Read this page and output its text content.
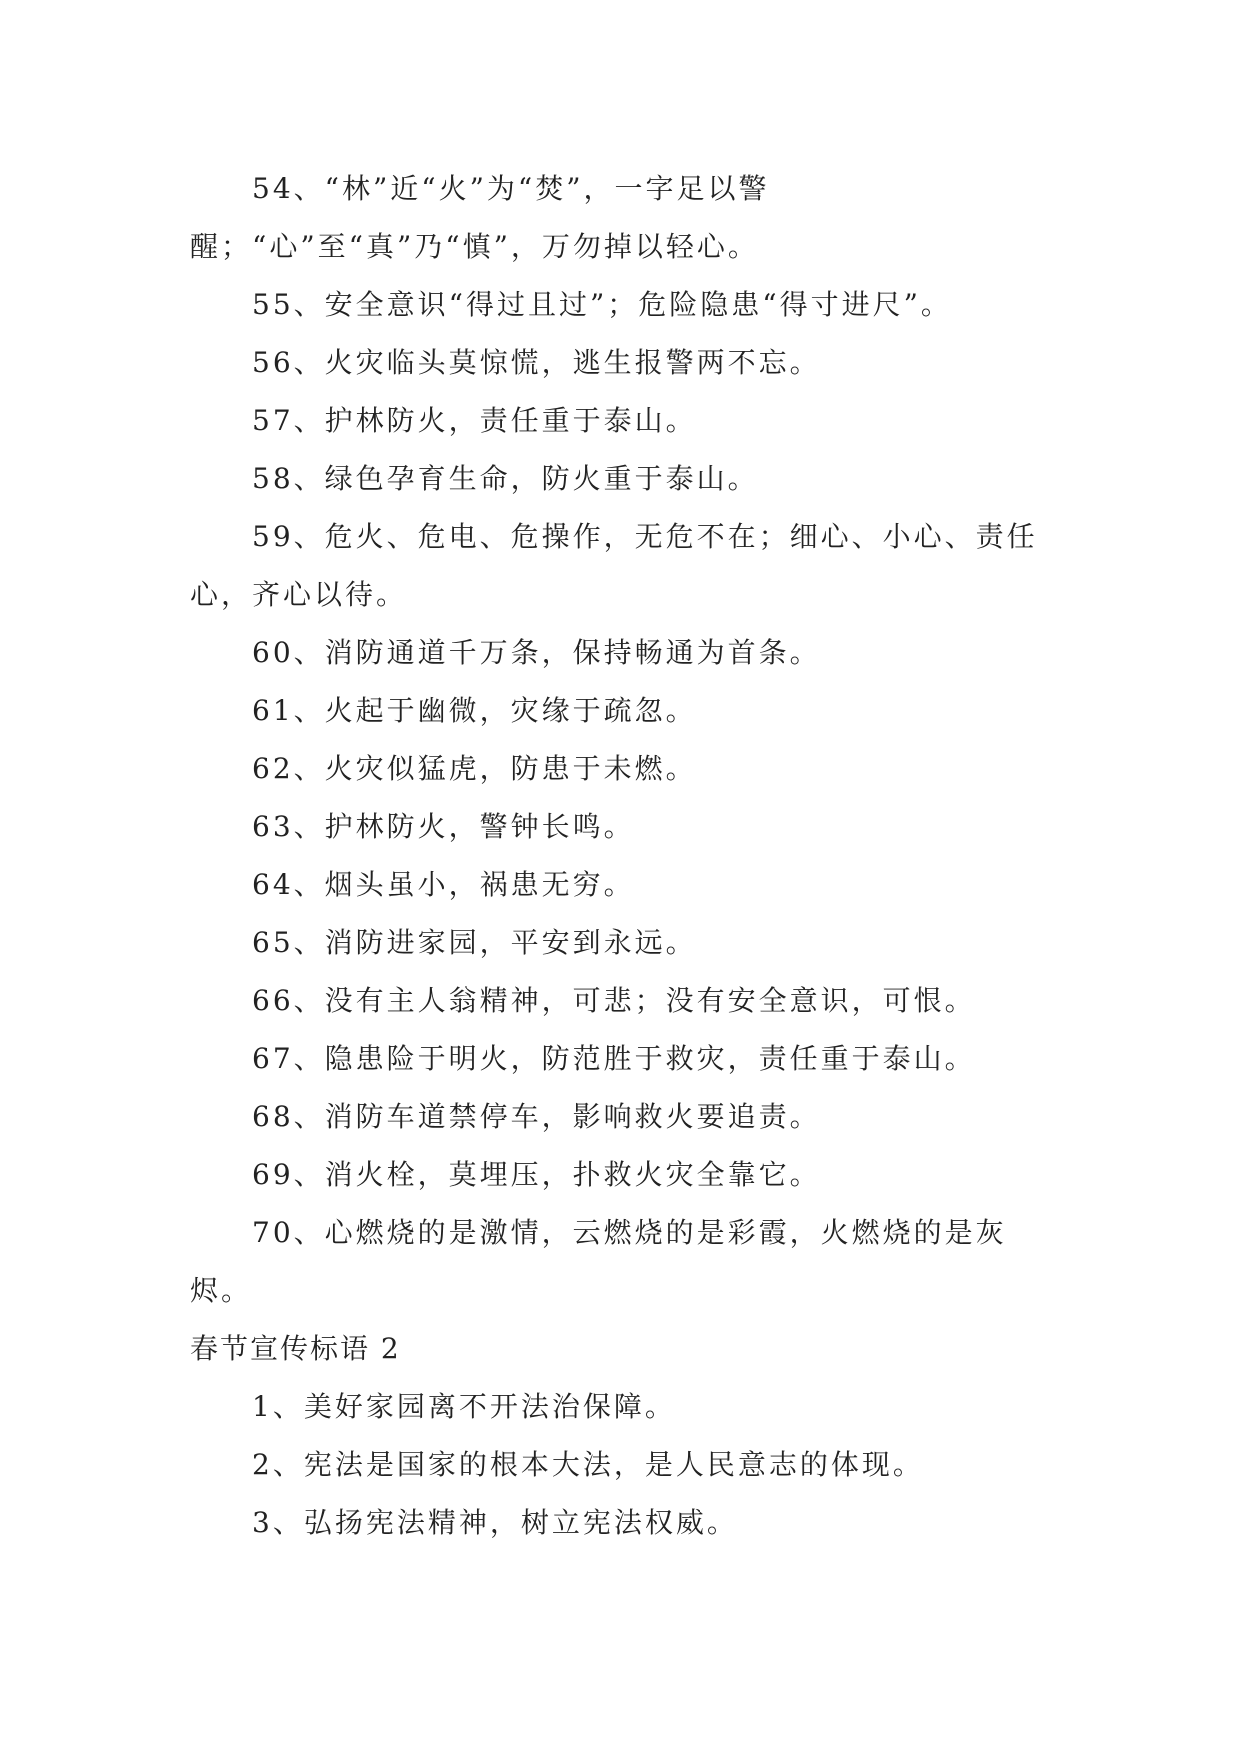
54、“林”近“火”为“焚”，一字足以警醒；“心”至“真”乃“慎”，万勿掉以轻心。

55、安全意识“得过且过”；危险隐患“得寸进尺”。

56、火灾临头莫惊慌，逃生报警两不忘。

57、护林防火，责任重于泰山。

58、绿色孕育生命，防火重于泰山。

59、危火、危电、危操作，无危不在；细心、小心、责任心，齐心以待。

60、消防通道千万条，保持畅通为首条。

61、火起于幽微，灾缘于疏忽。

62、火灾似猛虎，防患于未燃。

63、护林防火，警钟长鸣。

64、烟头虽小，祸患无穷。

65、消防进家园，平安到永远。

66、没有主人翁精神，可悲；没有安全意识，可恨。

67、隐患险于明火，防范胜于救灾，责任重于泰山。

68、消防车道禁停车，影响救火要追责。

69、消火栓，莫埋压，扑救火灾全靠它。

70、心燃烧的是激情，云燃烧的是彩霞，火燃烧的是灰烬。

春节宣传标语 2

1、美好家园离不开法治保障。

2、宪法是国家的根本大法，是人民意志的体现。

3、弘扬宪法精神，树立宪法权威。
